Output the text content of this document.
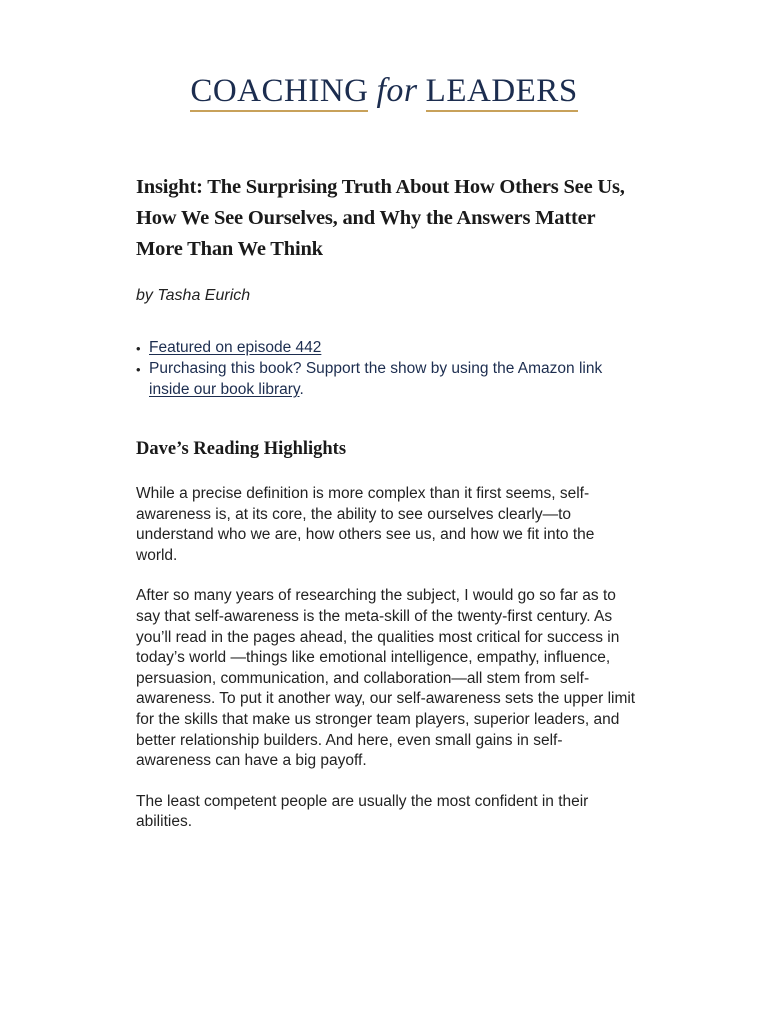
COACHING for LEADERS
Insight: The Surprising Truth About How Others See Us, How We See Ourselves, and Why the Answers Matter More Than We Think
by Tasha Eurich
• Featured on episode 442
• Purchasing this book? Support the show by using the Amazon link inside our book library.
Dave’s Reading Highlights

While a precise definition is more complex than it first seems, self-awareness is, at its core, the ability to see ourselves clearly—to understand who we are, how others see us, and how we fit into the world.

After so many years of researching the subject, I would go so far as to say that self-awareness is the meta-skill of the twenty-first century. As you’ll read in the pages ahead, the qualities most critical for success in today’s world —things like emotional intelligence, empathy, influence, persuasion, communication, and collaboration—all stem from self-awareness. To put it another way, our self-awareness sets the upper limit for the skills that make us stronger team players, superior leaders, and better relationship builders. And here, even small gains in self-awareness can have a big payoff.

The least competent people are usually the most confident in their abilities.
